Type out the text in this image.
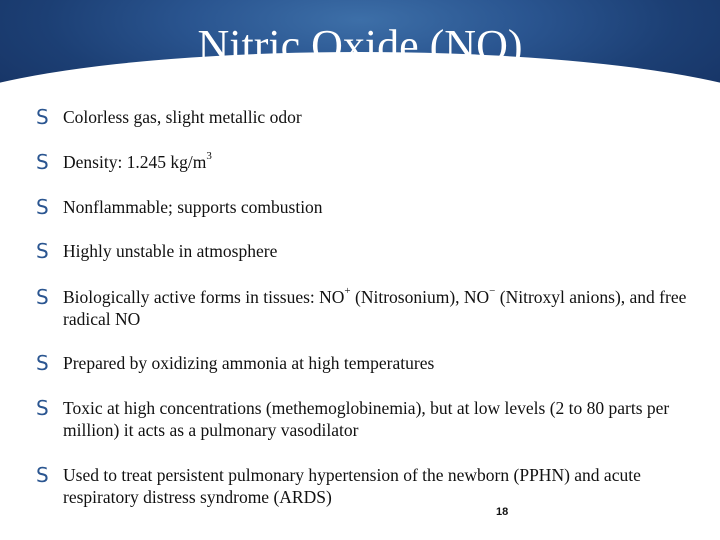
Nitric Oxide (NO)
S Colorless gas, slight metallic odor
S Density: 1.245 $kg/m^3$
S Nonflammable; supports combustion
S Highly unstable in atmosphere
S Biologically active forms in tissues: NO+ (Nitrosonium), NO− (Nitroxyl anions), and free radical NO
S Prepared by oxidizing ammonia at high temperatures
S Toxic at high concentrations (methemoglobinemia), but at low levels (2 to 80 parts per million) it acts as a pulmonary vasodilator
S Used to treat persistent pulmonary hypertension of the newborn (PPHN) and acute respiratory distress syndrome (ARDS)
18
